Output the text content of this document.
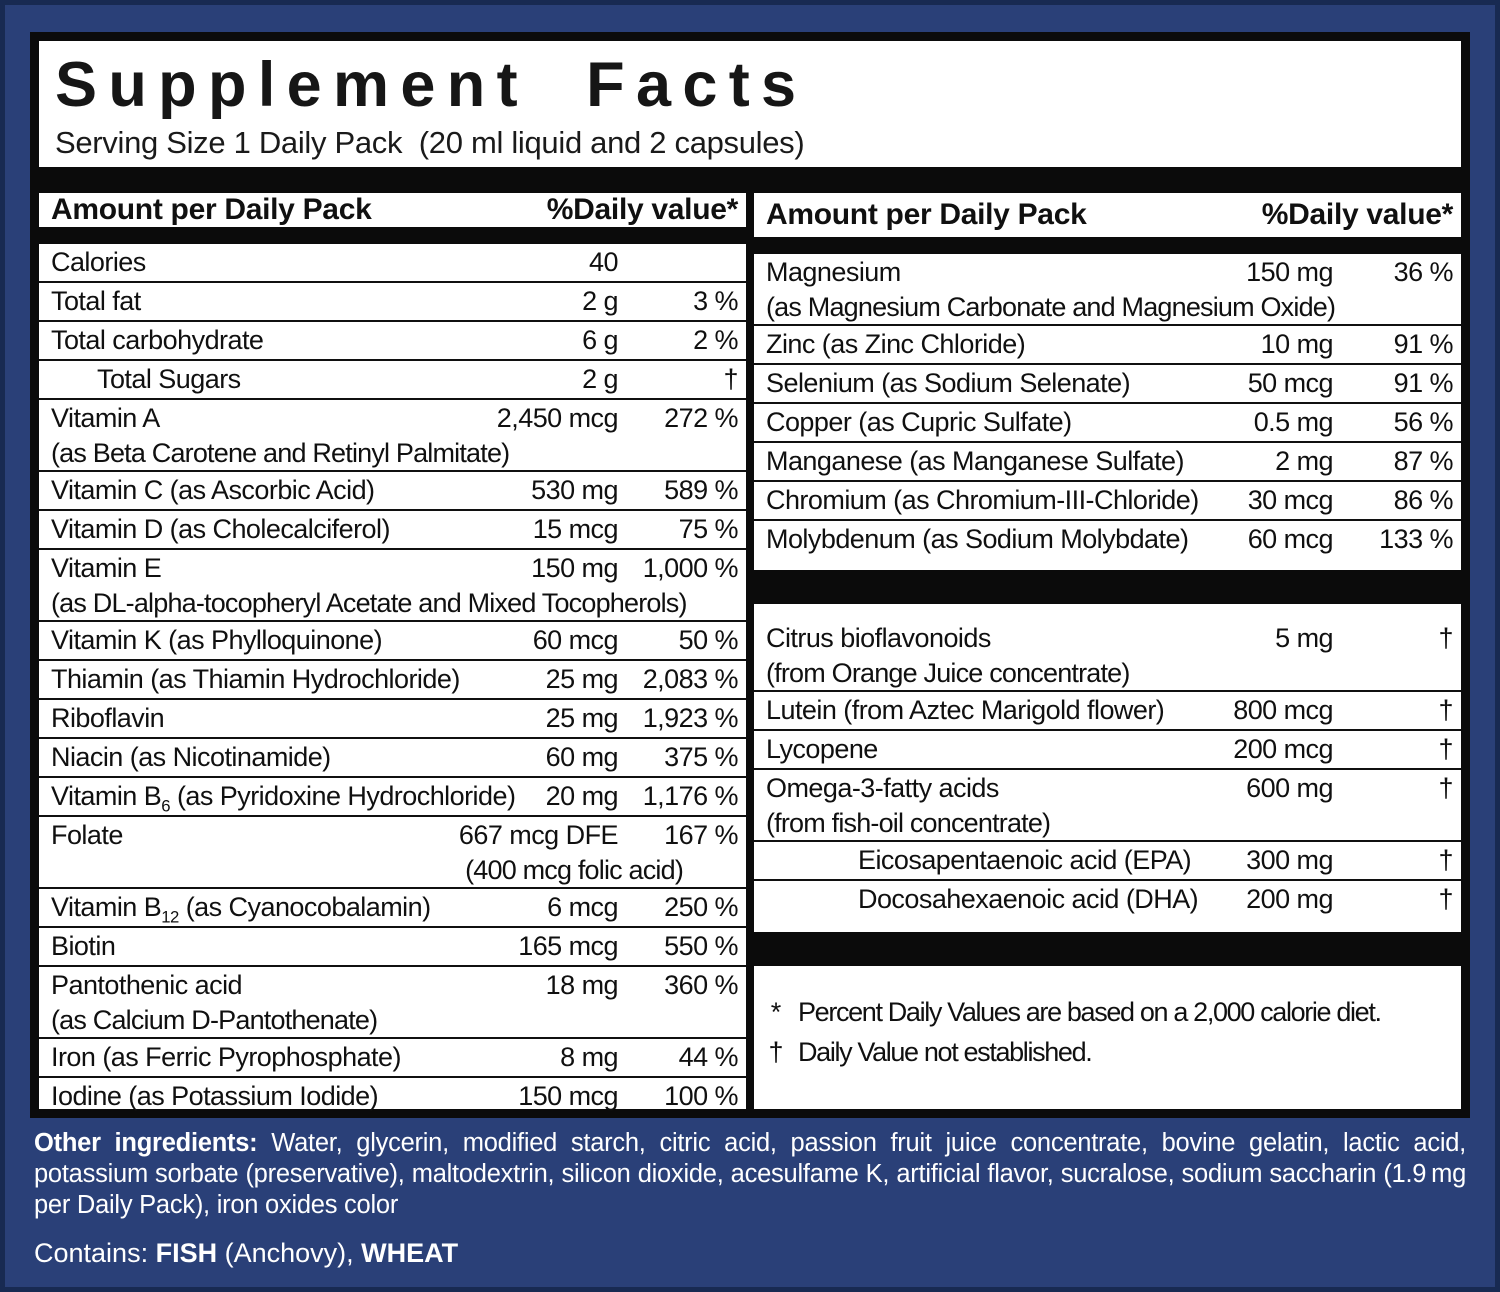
Supplement Facts
Serving Size 1 Daily Pack  (20 ml liquid and 2 capsules)
Amount per Daily Pack	%Daily value*
Calories	40
Total fat	2 g	3 %
Total carbohydrate	6 g	2 %
Total Sugars	2 g	†
Vitamin A	2,450 mcg	272 %
(as Beta Carotene and Retinyl Palmitate)
Vitamin C (as Ascorbic Acid)	530 mg	589 %
Vitamin D (as Cholecalciferol)	15 mcg	75 %
Vitamin E	150 mg 1,000 %
(as DL-alpha-tocopheryl Acetate and Mixed Tocopherols)
Vitamin K (as Phylloquinone)	60 mcg	50 %
Thiamin (as Thiamin Hydrochloride)	25 mg 2,083 %
Riboflavin	25 mg 1,923 %
Niacin (as Nicotinamide)	60 mg	375 %
Vitamin $B_6$ (as Pyridoxine Hydrochloride)	20 mg 1,176 %
Folate	667 mcg DFE	167 %
(400 mcg folic acid)
Vitamin $B_{12}$ (as Cyanocobalamin)	6 mcg	250 %
Biotin	165 mcg	550 %
Pantothenic acid	18 mg	360 %
(as Calcium D-Pantothenate)
Iron (as Ferric Pyrophosphate)	8 mg	44 %
Iodine (as Potassium Iodide)	150 mcg	100 %
Amount per Daily Pack	%Daily value*
Magnesium	150 mg	36 %
(as Magnesium Carbonate and Magnesium Oxide)
Zinc (as Zinc Chloride)	10 mg	91 %
Selenium (as Sodium Selenate)	50 mcg	91 %
Copper (as Cupric Sulfate)	0.5 mg	56 %
Manganese (as Manganese Sulfate)	2 mg	87 %
Chromium (as Chromium-III-Chloride)	30 mcg	86 %
Molybdenum (as Sodium Molybdate)	60 mcg	133 %
Citrus bioflavonoids	5 mg	†
(from Orange Juice concentrate)
Lutein (from Aztec Marigold flower)	800 mcg	†
Lycopene	200 mcg	†
Omega-3-fatty acids	600 mg	†
(from fish-oil concentrate)
Eicosapentaenoic acid (EPA)	300 mg	†
Docosahexaenoic acid (DHA)	200 mg	†
* Percent Daily Values are based on a 2,000 calorie diet.
† Daily Value not established.

Other ingredients: Water, glycerin, modified starch, citric acid, passion fruit juice concentrate, bovine gelatin, lactic acid, potassium sorbate (preservative), maltodextrin, silicon dioxide, acesulfame K, artificial flavor, sucralose, sodium saccharin (1.9 mg per Daily Pack), iron oxides color

Contains: FISH (Anchovy), WHEAT
